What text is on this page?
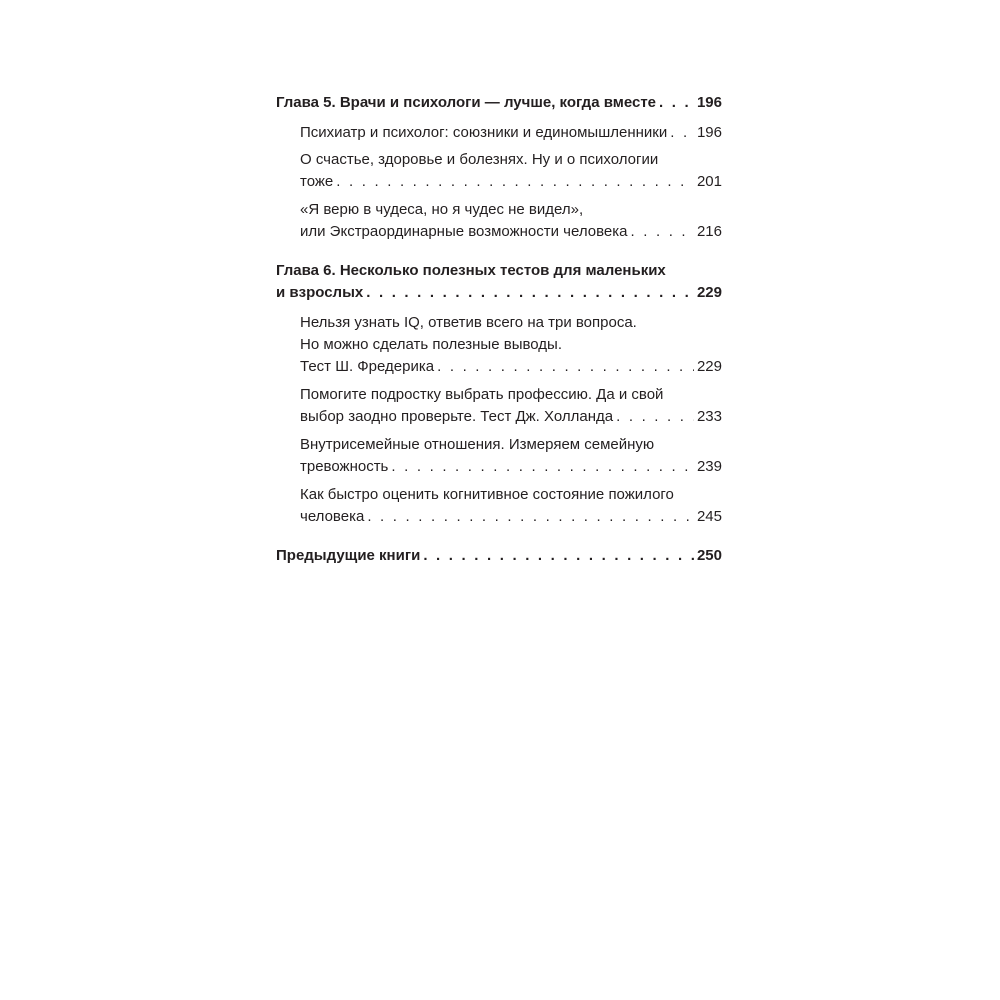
Глава 5. Врачи и психологи — лучше, когда вместе . . .	196
Психиатр и психолог: союзники и единомышленники . . . 196
О счастье, здоровье и болезнях. Ну и о психологии
тоже . . .	201
«Я верю в чудеса, но я чудес не видел»,
или Экстраординарные возможности человека . . .	216
Глава 6. Несколько полезных тестов для маленьких
и взрослых . . .	229
Нельзя узнать IQ, ответив всего на три вопроса.
Но можно сделать полезные выводы.
Тест Ш. Фредерика . . .	229
Помогите подростку выбрать профессию. Да и свой
выбор заодно проверьте. Тест Дж. Холланда . . .	233
Внутрисемейные отношения. Измеряем семейную
тревожность . . .	239
Как быстро оценить когнитивное состояние пожилого
человека . . .	245
Предыдущие книги . . .	250
